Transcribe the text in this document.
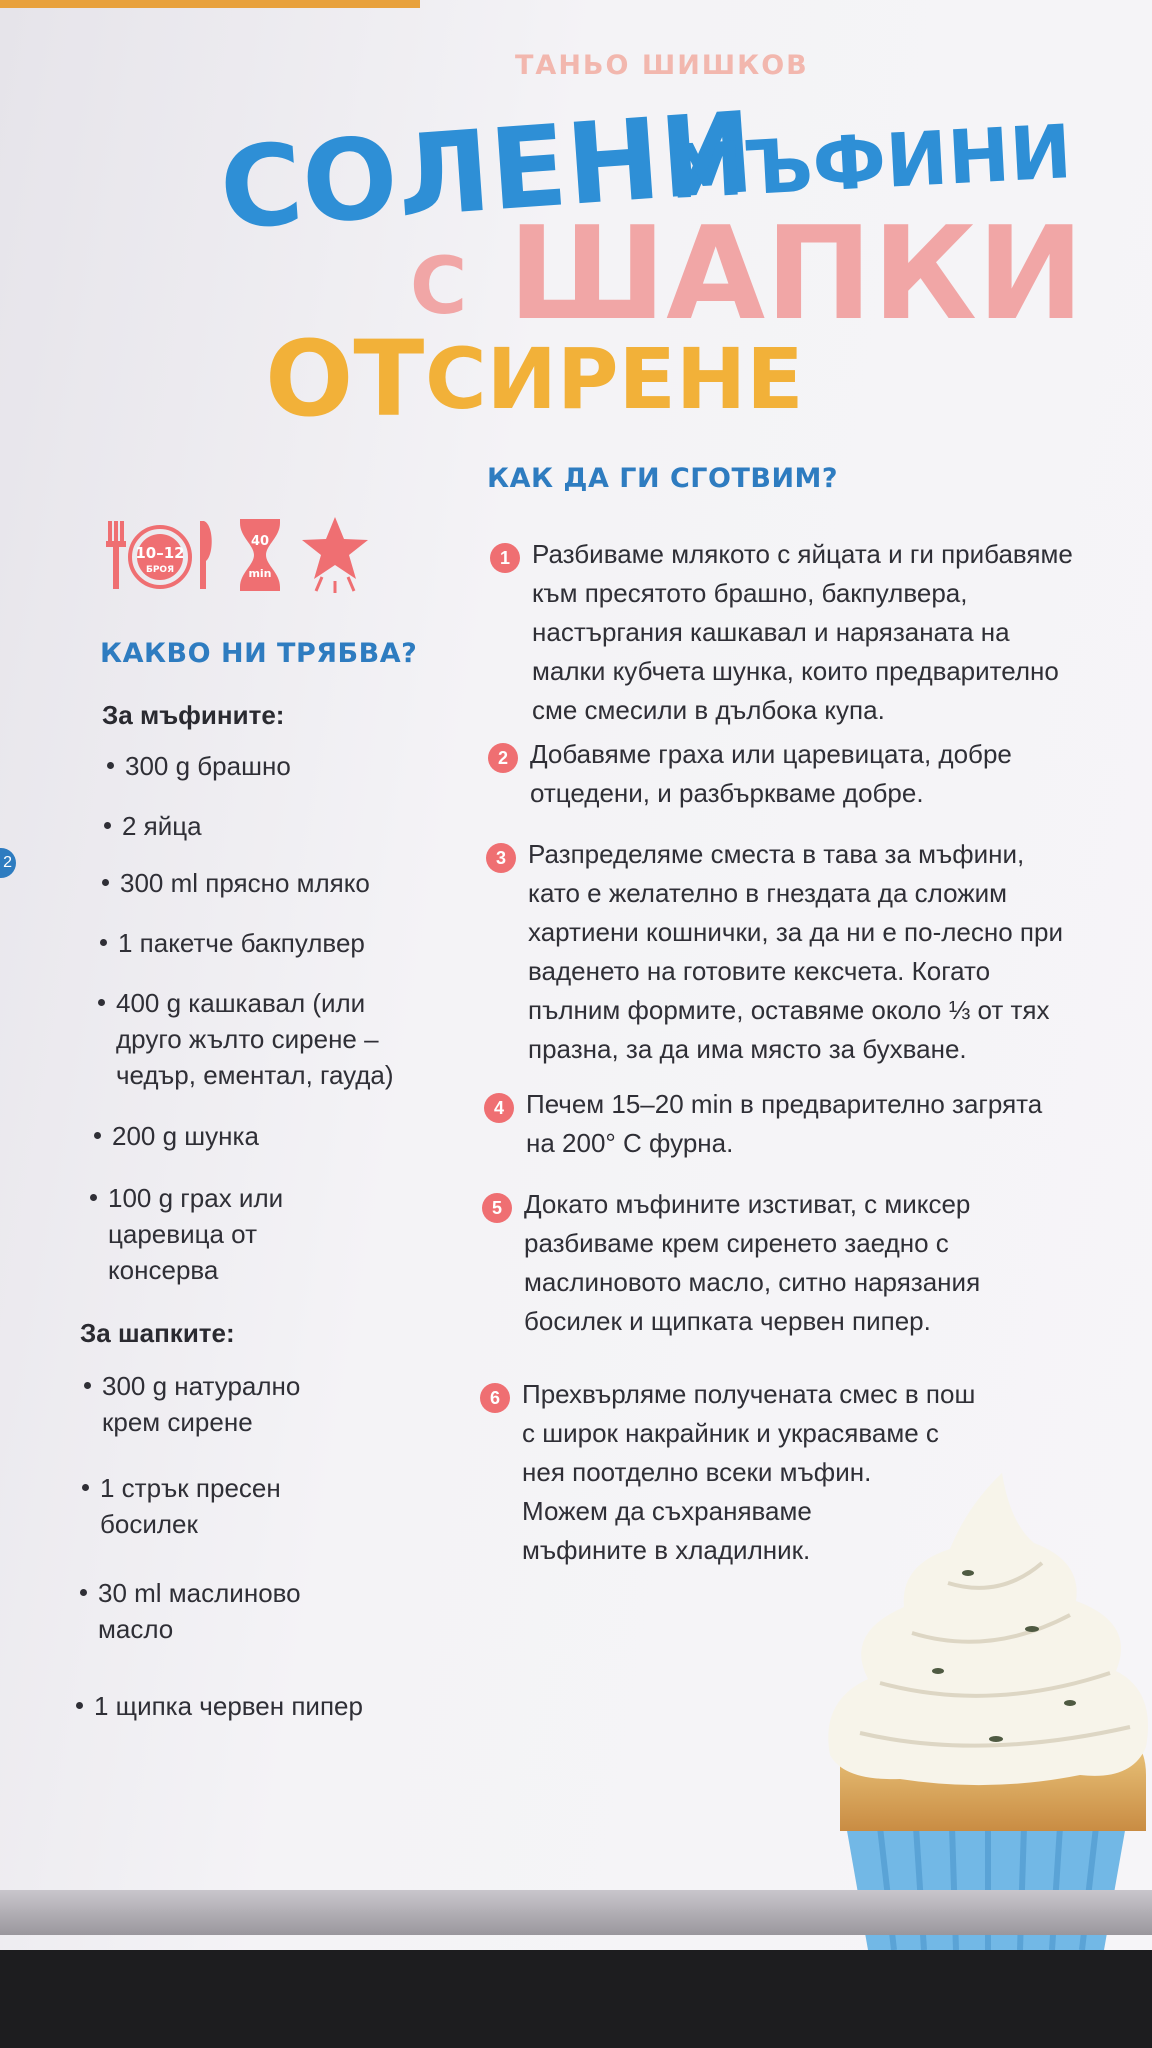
ТАНЬО ШИШКОВ
СОЛЕНИ
МЪФИНИ
С ШАПКИ
ОТ СИРЕНЕ
10–12
БРОЯ
40
min
КАКВО НИ ТРЯБВА?
За мъфините:
300 g брашно
2 яйца
300 ml прясно мляко
1 пакетче бакпулвер
400 g кашкавал (или
друго жълто сирене –
чедър, ементал, гауда)
200 g шунка
100 g грах или
царевица от
консерва
За шапките:
300 g натурално
крем сирене
1 стрък пресен
босилек
30 ml маслиново
масло
1 щипка червен пипер
КАК ДА ГИ СГОТВИМ?
1 Разбиваме млякото с яйцата и ги прибавяме
към пресятото брашно, бакпулвера,
настъргания кашкавал и нарязаната на
малки кубчета шунка, които предварително
сме смесили в дълбока купа.
2 Добавяме граха или царевицата, добре
отцедени, и разбъркваме добре.
3 Разпределяме сместа в тава за мъфини,
като е желателно в гнездата да сложим
хартиени кошнички, за да ни е по-лесно при
ваденето на готовите кексчета. Когато
пълним формите, оставяме около ⅓ от тях
празна, за да има място за бухване.
4 Печем 15–20 min в предварително загрята
на 200° С фурна.
5 Докато мъфините изстиват, с миксер
разбиваме крем сиренето заедно с
маслиновото масло, ситно нарязания
босилек и щипката червен пипер.
6 Прехвърляме получената смес в пош
с широк накрайник и украсяваме с
нея поотделно всеки мъфин.
Можем да съхраняваме
мъфините в хладилник.
2
